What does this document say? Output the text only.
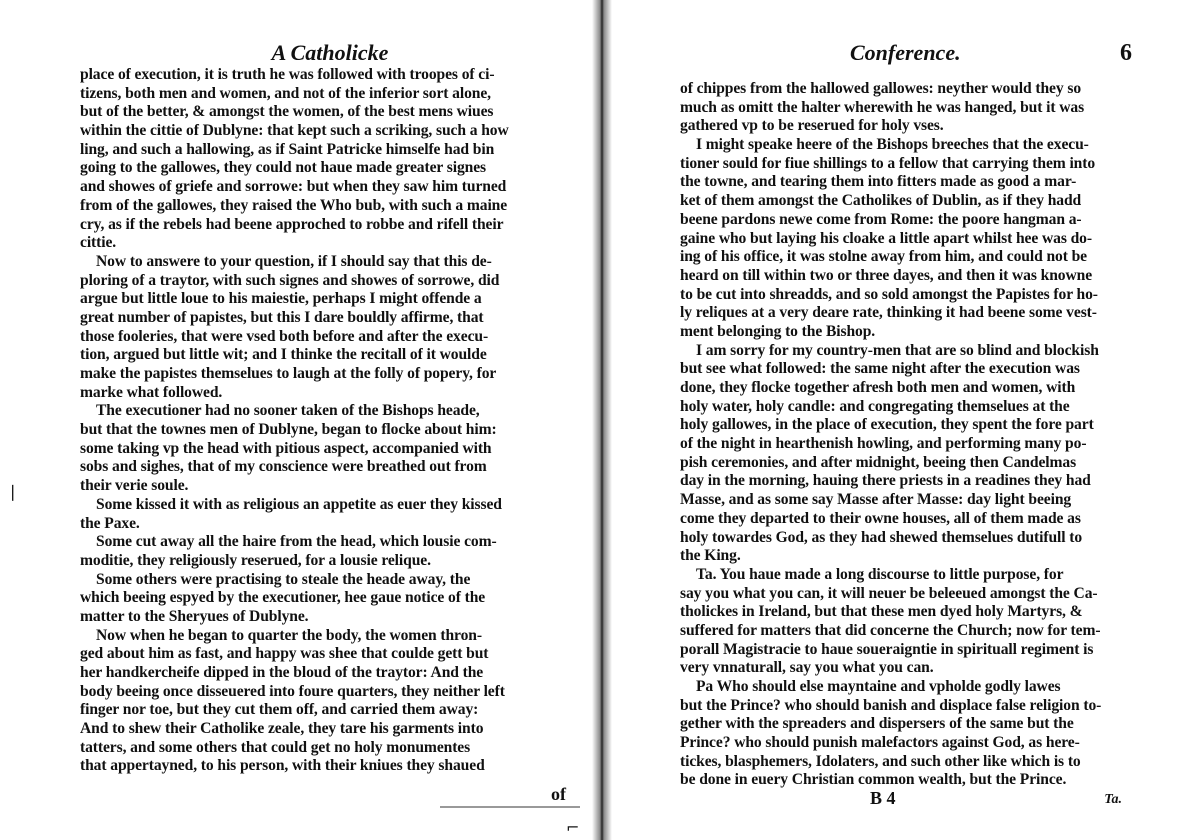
A Catholicke
place of execution, it is truth he was followed with troopes of ci-
tizens, both men and women, and not of the inferior sort alone,
but of the better, & amongst the women, of the best mens wiues
within the cittie of Dublyne: that kept such a scriking, such a how
ling, and such a hallowing, as if Saint Patricke himselfe had bin
going to the gallowes, they could not haue made greater signes
and showes of griefe and sorrowe: but when they saw him turned
from of the gallowes, they raised the Who bub, with such a maine
cry, as if the rebels had beene approched to robbe and rifell their
cittie.
Now to answere to your question, if I should say that this de-
ploring of a traytor, with such signes and showes of sorrowe, did
argue but little loue to his maiestie, perhaps I might offende a
great number of papistes, but this I dare bouldly affirme, that
those fooleries, that were vsed both before and after the execu-
tion, argued but little wit; and I thinke the recitall of it woulde
make the papistes themselues to laugh at the folly of popery, for
marke what followed.
The executioner had no sooner taken of the Bishops heade,
but that the townes men of Dublyne, began to flocke about him:
some taking vp the head with pitious aspect, accompanied with
sobs and sighes, that of my conscience were breathed out from
their verie soule.
Some kissed it with as religious an appetite as euer they kissed
the Paxe.
Some cut away all the haire from the head, which lousie com-
moditie, they religiously reserued, for a lousie relique.
Some others were practising to steale the heade away, the
which beeing espyed by the executioner, hee gaue notice of the
matter to the Sheryues of Dublyne.
Now when he began to quarter the body, the women thron-
ged about him as fast, and happy was shee that coulde gett but
her handkercheife dipped in the bloud of the traytor: And the
body beeing once disseuered into foure quarters, they neither left
finger nor toe, but they cut them off, and carried them away:
And to shew their Catholike zeale, they tare his garments into
tatters, and some others that could get no holy monumentes
that appertayned, to his person, with their kniues they shaued
of
Conference.	6
of chippes from the hallowed gallowes: neyther would they so
much as omitt the halter wherewith he was hanged, but it was
gathered vp to be reserued for holy vses.
I might speake heere of the Bishops breeches that the execu-
tioner sould for fiue shillings to a fellow that carrying them into
the towne, and tearing them into fitters made as good a mar-
ket of them amongst the Catholikes of Dublin, as if they hadd
beene pardons newe come from Rome: the poore hangman a-
gaine who but laying his cloake a little apart whilst hee was do-
ing of his office, it was stolne away from him, and could not be
heard on till within two or three dayes, and then it was knowne
to be cut into shreadds, and so sold amongst the Papistes for ho-
ly reliques at a very deare rate, thinking it had beene some vest-
ment belonging to the Bishop.
I am sorry for my country-men that are so blind and blockish
but see what followed: the same night after the execution was
done, they flocke together afresh both men and women, with
holy water, holy candle: and congregating themselues at the
holy gallowes, in the place of execution, they spent the fore part
of the night in hearthenish howling, and performing many po-
pish ceremonies, and after midnight, beeing then Candelmas
day in the morning, hauing there priests in a readines they had
Masse, and as some say Masse after Masse: day light beeing
come they departed to their owne houses, all of them made as
holy towardes God, as they had shewed themselues dutifull to
the King.
Ta. You haue made a long discourse to little purpose, for
say you what you can, it will neuer be beleeued amongst the Ca-
tholickes in Ireland, but that these men dyed holy Martyrs, &
suffered for matters that did concerne the Church; now for tem-
porall Magistracie to haue soueraigntie in spirituall regiment is
very vnnaturall, say you what you can.
Pa Who should else mayntaine and vpholde godly lawes
but the Prince? who should banish and displace false religion to-
gether with the spreaders and dispersers of the same but the
Prince? who should punish malefactors against God, as here-
tickes, blasphemers, Idolaters, and such other like which is to
be done in euery Christian common wealth, but the Prince.
B 4	Ta.
❘
⌐
